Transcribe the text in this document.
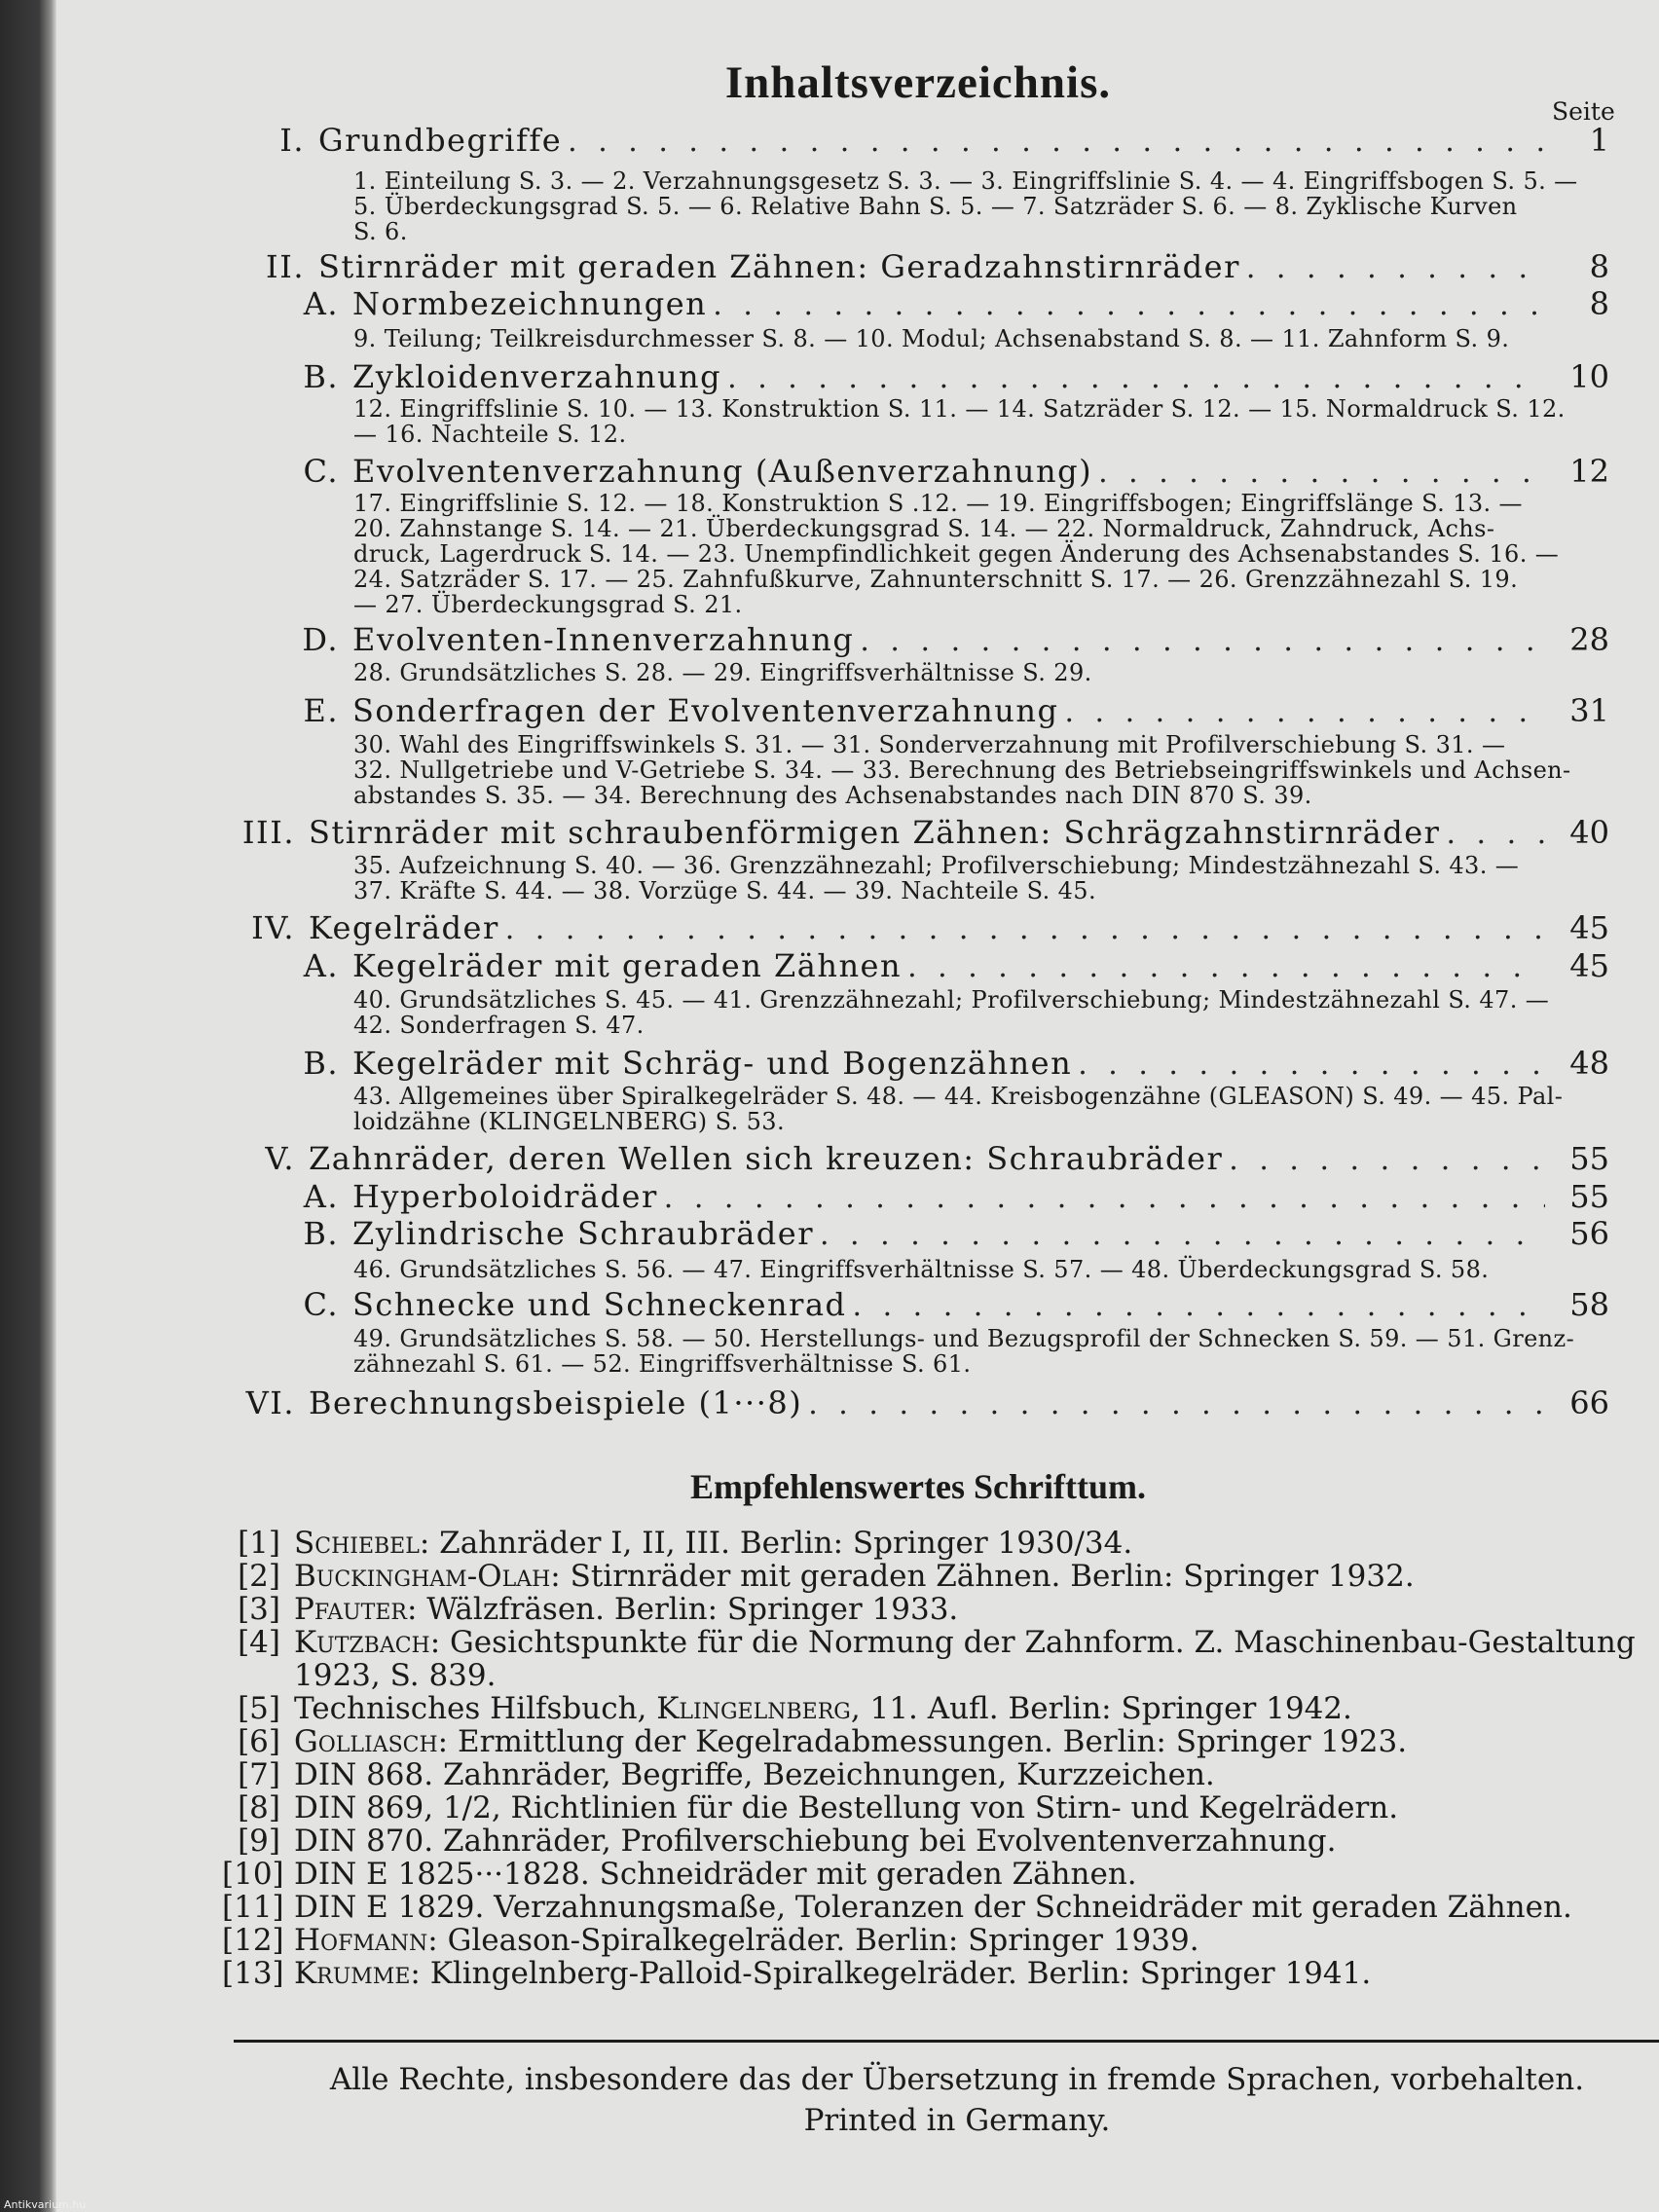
Inhaltsverzeichnis.
Seite
I. Grundbegriffe . . .	1
1. Einteilung S. 3. — 2. Verzahnungsgesetz S. 3. — 3. Eingriffslinie S. 4. — 4. Eingriffsbogen S. 5. —
5. Überdeckungsgrad S. 5. — 6. Relative Bahn S. 5. — 7. Satzräder S. 6. — 8. Zyklische Kurven
S. 6.
II. Stirnräder mit geraden Zähnen: Geradzahnstirnräder . . .	8
A. Normbezeichnungen . . .	8
9. Teilung; Teilkreisdurchmesser S. 8. — 10. Modul; Achsenabstand S. 8. — 11. Zahnform S. 9.
B. Zykloidenverzahnung . . .	10
12. Eingriffslinie S. 10. — 13. Konstruktion S. 11. — 14. Satzräder S. 12. — 15. Normaldruck S. 12.
— 16. Nachteile S. 12.
C. Evolventenverzahnung (Außenverzahnung) . . .	12
17. Eingriffslinie S. 12. — 18. Konstruktion S .12. — 19. Eingriffsbogen; Eingriffslänge S. 13. —
20. Zahnstange S. 14. — 21. Überdeckungsgrad S. 14. — 22. Normaldruck, Zahndruck, Achs-
druck, Lagerdruck S. 14. — 23. Unempfindlichkeit gegen Änderung des Achsenabstandes S. 16. —
24. Satzräder S. 17. — 25. Zahnfußkurve, Zahnunterschnitt S. 17. — 26. Grenzzähnezahl S. 19.
— 27. Überdeckungsgrad S. 21.
D. Evolventen-Innenverzahnung . . .	28
28. Grundsätzliches S. 28. — 29. Eingriffsverhältnisse S. 29.
E. Sonderfragen der Evolventenverzahnung . . .	31
30. Wahl des Eingriffswinkels S. 31. — 31. Sonderverzahnung mit Profilverschiebung S. 31. —
32. Nullgetriebe und V-Getriebe S. 34. — 33. Berechnung des Betriebseingriffswinkels und Achsen-
abstandes S. 35. — 34. Berechnung des Achsenabstandes nach DIN 870 S. 39.
III. Stirnräder mit schraubenförmigen Zähnen: Schrägzahnstirnräder . . .	40
35. Aufzeichnung S. 40. — 36. Grenzzähnezahl; Profilverschiebung; Mindestzähnezahl S. 43. —
37. Kräfte S. 44. — 38. Vorzüge S. 44. — 39. Nachteile S. 45.
IV. Kegelräder . . .	45
A. Kegelräder mit geraden Zähnen . . .	45
40. Grundsätzliches S. 45. — 41. Grenzzähnezahl; Profilverschiebung; Mindestzähnezahl S. 47. —
42. Sonderfragen S. 47.
B. Kegelräder mit Schräg- und Bogenzähnen . . .	48
43. Allgemeines über Spiralkegelräder S. 48. — 44. Kreisbogenzähne (GLEASON) S. 49. — 45. Pal-
loidzähne (KLINGELNBERG) S. 53.
V. Zahnräder, deren Wellen sich kreuzen: Schraubräder . . .	55
A. Hyperboloidräder . . .	55
B. Zylindrische Schraubräder . . .	56
46. Grundsätzliches S. 56. — 47. Eingriffsverhältnisse S. 57. — 48. Überdeckungsgrad S. 58.
C. Schnecke und Schneckenrad . . .	58
49. Grundsätzliches S. 58. — 50. Herstellungs- und Bezugsprofil der Schnecken S. 59. — 51. Grenz-
zähnezahl S. 61. — 52. Eingriffsverhältnisse S. 61.
VI. Berechnungsbeispiele (1···8) . . .	66
Empfehlenswertes Schrifttum.
[1] Schiebel: Zahnräder I, II, III. Berlin: Springer 1930/34.
[2] Buckingham-Olah: Stirnräder mit geraden Zähnen. Berlin: Springer 1932.
[3] Pfauter: Wälzfräsen. Berlin: Springer 1933.
[4] Kutzbach: Gesichtspunkte für die Normung der Zahnform. Z. Maschinenbau-Gestaltung
1923, S. 839.
[5] Technisches Hilfsbuch, Klingelnberg, 11. Aufl. Berlin: Springer 1942.
[6] Golliasch: Ermittlung der Kegelradabmessungen. Berlin: Springer 1923.
[7] DIN 868. Zahnräder, Begriffe, Bezeichnungen, Kurzzeichen.
[8] DIN 869, 1/2, Richtlinien für die Bestellung von Stirn- und Kegelrädern.
[9] DIN 870. Zahnräder, Profilverschiebung bei Evolventenverzahnung.
[10] DIN E 1825···1828. Schneidräder mit geraden Zähnen.
[11] DIN E 1829. Verzahnungsmaße, Toleranzen der Schneidräder mit geraden Zähnen.
[12] Hofmann: Gleason-Spiralkegelräder. Berlin: Springer 1939.
[13] Krumme: Klingelnberg-Palloid-Spiralkegelräder. Berlin: Springer 1941.
Alle Rechte, insbesondere das der Übersetzung in fremde Sprachen, vorbehalten.
Printed in Germany.
Antikvarium.hu
